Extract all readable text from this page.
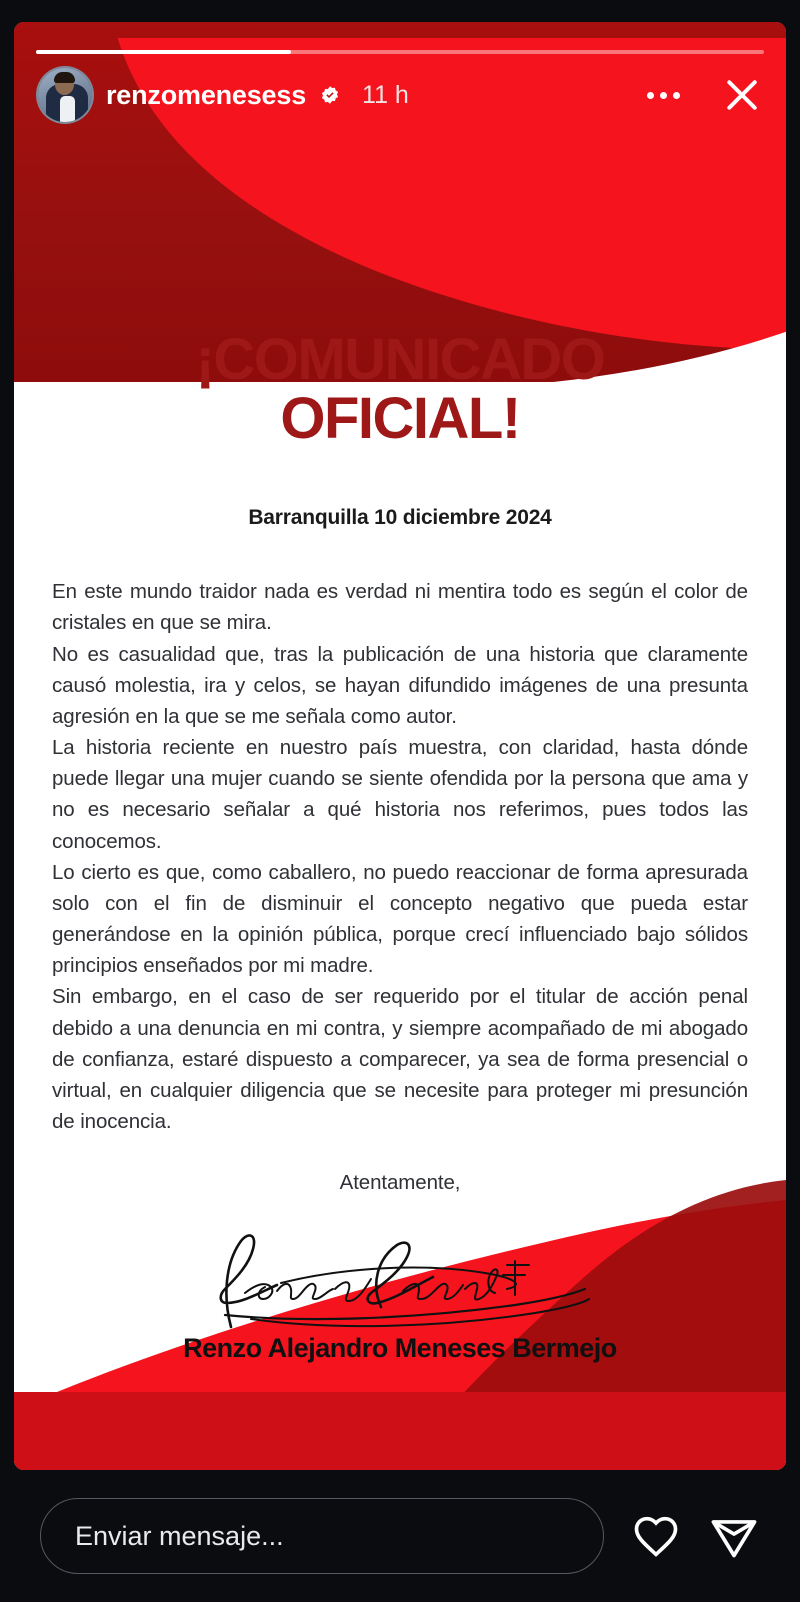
renzomenesess 11 h
¡COMUNICADO
OFICIAL!
Barranquilla 10 diciembre 2024

En este mundo traidor nada es verdad ni mentira todo es según el color de cristales en que se mira.

No es casualidad que, tras la publicación de una historia que claramente causó molestia, ira y celos, se hayan difundido imágenes de una presunta agresión en la que se me señala como autor.

La historia reciente en nuestro país muestra, con claridad, hasta dónde puede llegar una mujer cuando se siente ofendida por la persona que ama y no es necesario señalar a qué historia nos referimos, pues todos las conocemos.

Lo cierto es que, como caballero, no puedo reaccionar de forma apresurada solo con el fin de disminuir el concepto negativo que pueda estar generándose en la opinión pública, porque crecí influenciado bajo sólidos principios enseñados por mi madre.

Sin embargo, en el caso de ser requerido por el titular de acción penal debido a una denuncia en mi contra, y siempre acompañado de mi abogado de confianza, estaré dispuesto a comparecer, ya sea de forma presencial o virtual, en cualquier diligencia que se necesite para proteger mi presunción de inocencia.

Atentamente,
Renzo Alejandro Meneses Bermejo
Enviar mensaje...
